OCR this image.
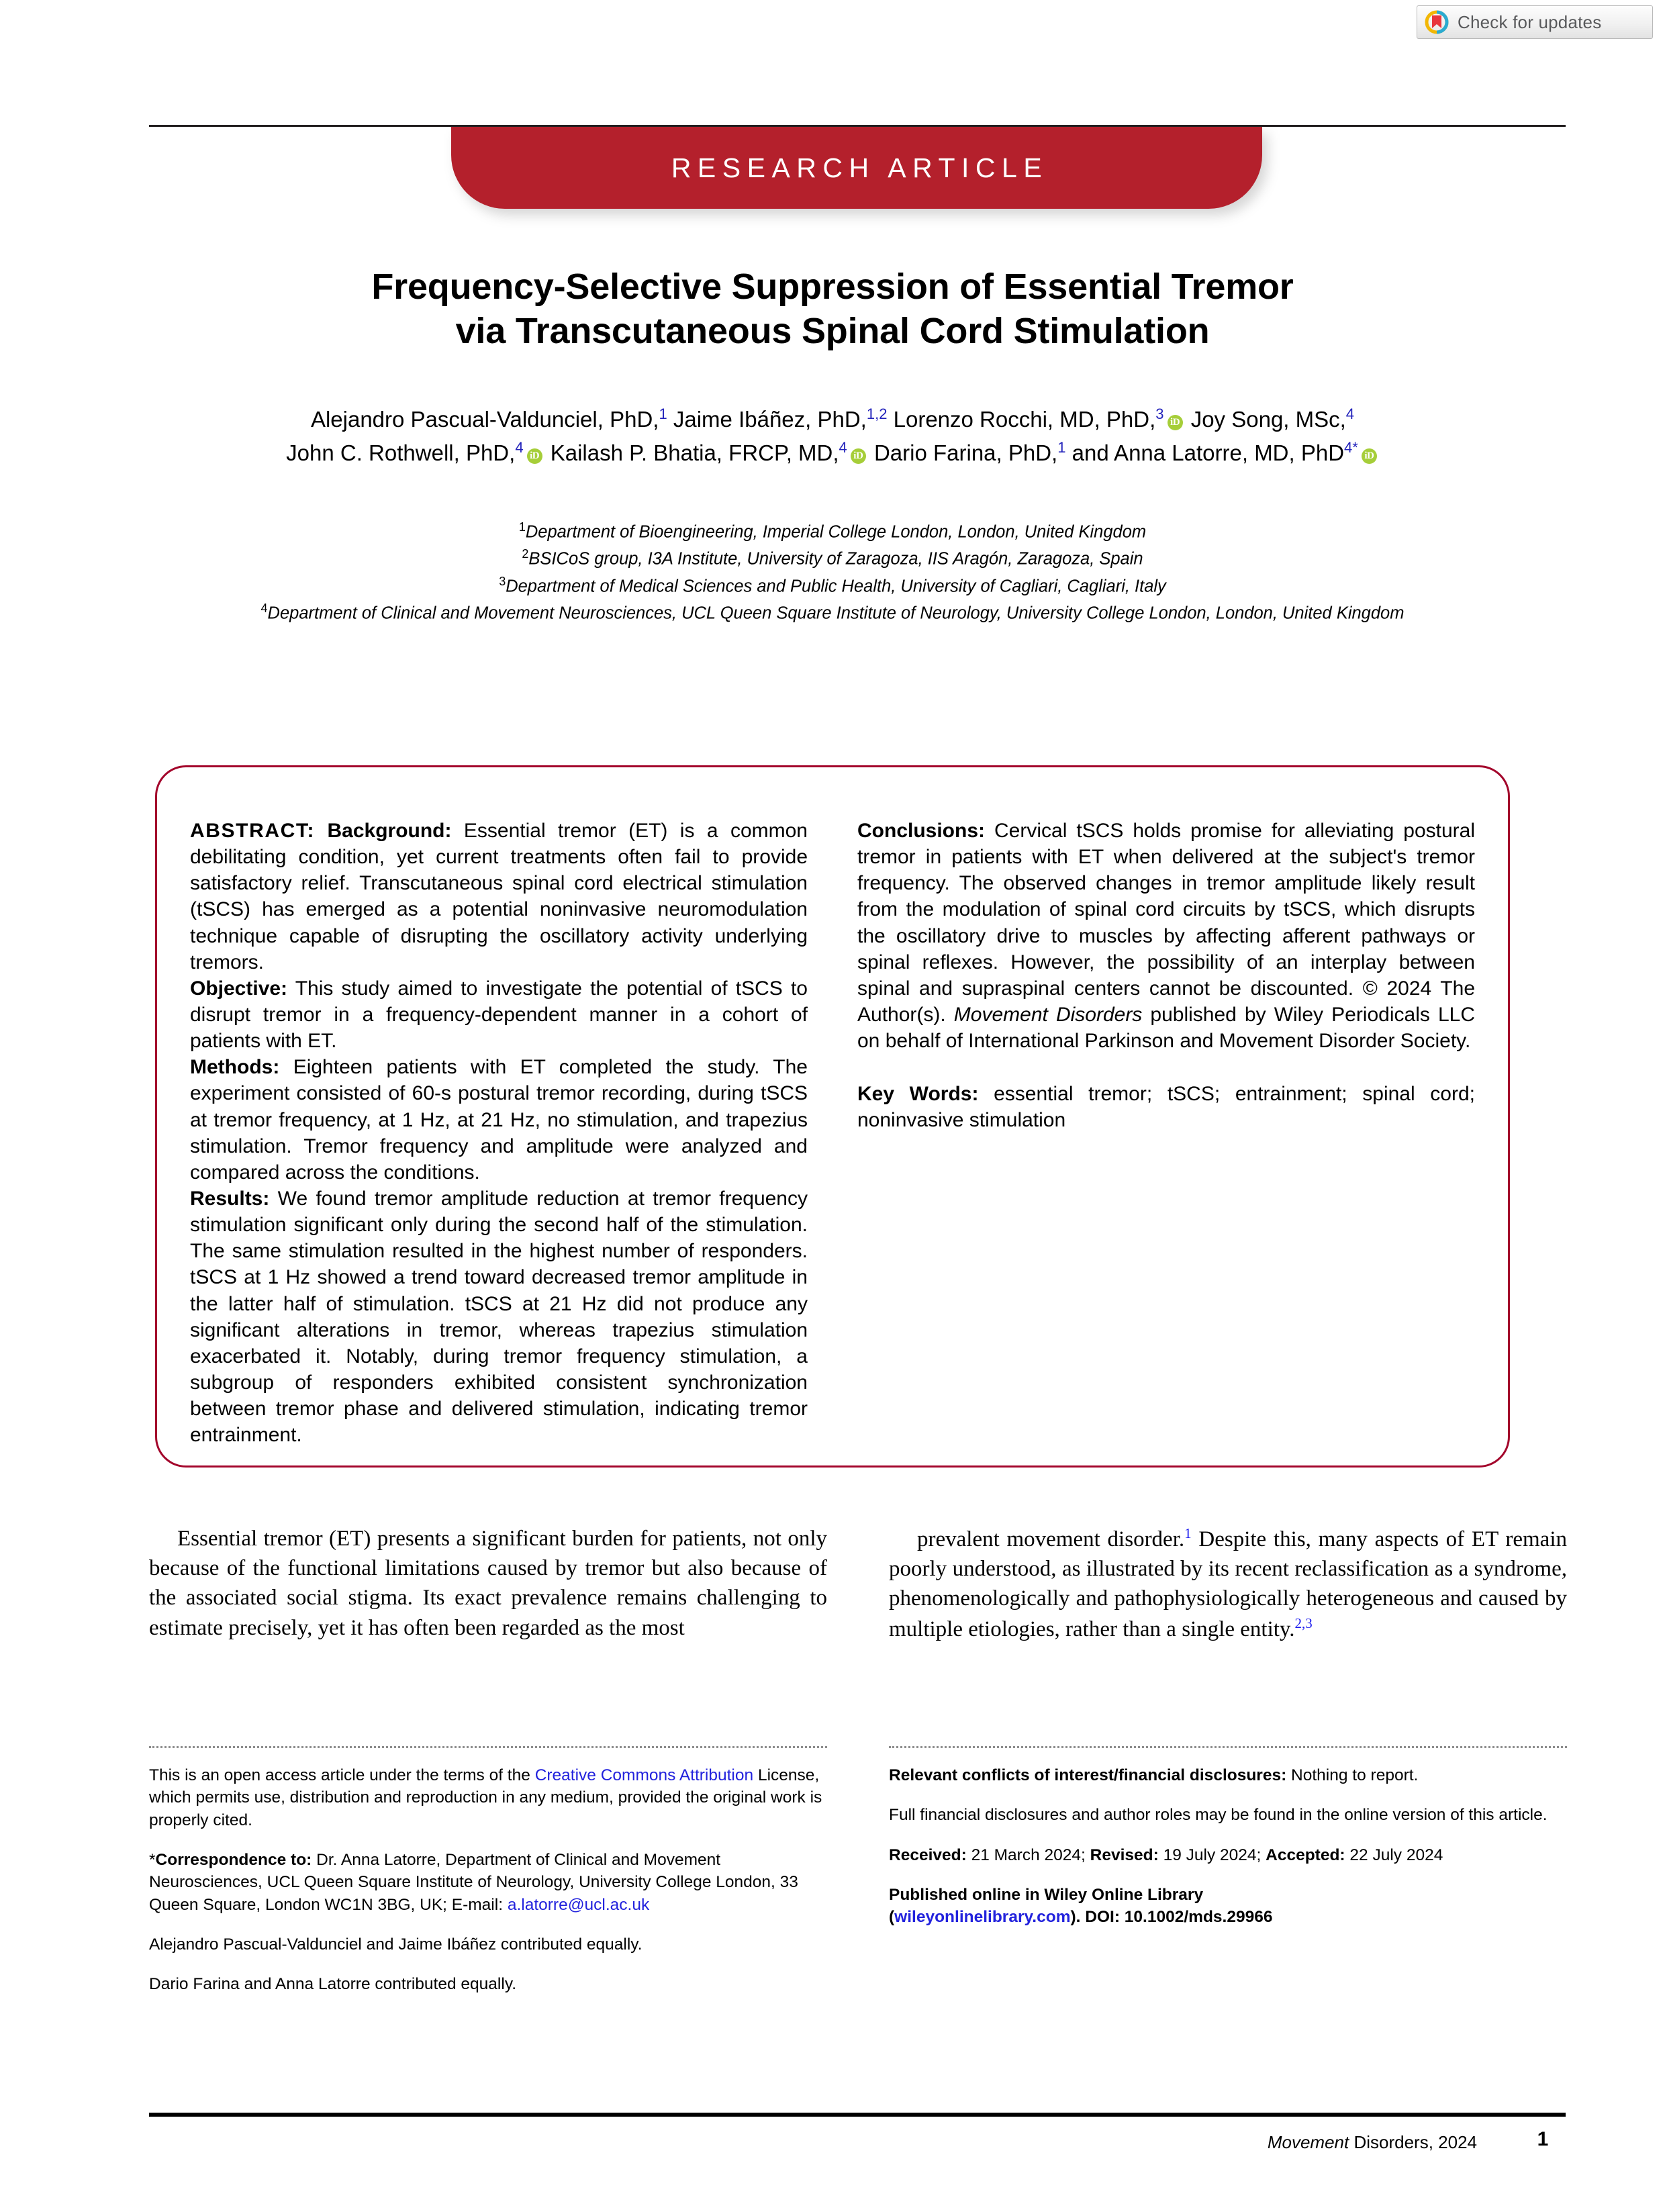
Check for updates
RESEARCH ARTICLE
Frequency-Selective Suppression of Essential Tremor
via Transcutaneous Spinal Cord Stimulation
Alejandro Pascual-Valdunciel, PhD,$^1$ Jaime Ibáñez, PhD,$^{1,2}$ Lorenzo Rocchi, MD, PhD,$^3$ iD Joy Song, MSc,$^4$
John C. Rothwell, PhD,$^4$ iD Kailash P. Bhatia, FRCP, MD,$^4$ iD Dario Farina, PhD,$^1$ and Anna Latorre, MD, PhD$^{4*}$ iD
$^1$Department of Bioengineering, Imperial College London, London, United Kingdom
$^2$BSICoS group, I3A Institute, University of Zaragoza, IIS Aragón, Zaragoza, Spain
$^3$Department of Medical Sciences and Public Health, University of Cagliari, Cagliari, Italy
$^4$Department of Clinical and Movement Neurosciences, UCL Queen Square Institute of Neurology, University College London, London, United Kingdom

ABSTRACT: Background: Essential tremor (ET) is a common debilitating condition, yet current treatments often fail to provide satisfactory relief. Transcutaneous spinal cord electrical stimulation (tSCS) has emerged as a potential noninvasive neuromodulation technique capable of disrupting the oscillatory activity underlying tremors.

Objective: This study aimed to investigate the potential of tSCS to disrupt tremor in a frequency-dependent manner in a cohort of patients with ET.

Methods: Eighteen patients with ET completed the study. The experiment consisted of 60-s postural tremor recording, during tSCS at tremor frequency, at 1 Hz, at 21 Hz, no stimulation, and trapezius stimulation. Tremor frequency and amplitude were analyzed and compared across the conditions.

Results: We found tremor amplitude reduction at tremor frequency stimulation significant only during the second half of the stimulation. The same stimulation resulted in the highest number of responders. tSCS at 1 Hz showed a trend toward decreased tremor amplitude in the latter half of stimulation. tSCS at 21 Hz did not produce any significant alterations in tremor, whereas trapezius stimulation exacerbated it. Notably, during tremor frequency stimulation, a subgroup of responders exhibited consistent synchronization between tremor phase and delivered stimulation, indicating tremor entrainment.

Conclusions: Cervical tSCS holds promise for alleviating postural tremor in patients with ET when delivered at the subject's tremor frequency. The observed changes in tremor amplitude likely result from the modulation of spinal cord circuits by tSCS, which disrupts the oscillatory drive to muscles by affecting afferent pathways or spinal reflexes. However, the possibility of an interplay between spinal and supraspinal centers cannot be discounted. © 2024 The Author(s). Movement Disorders published by Wiley Periodicals LLC on behalf of International Parkinson and Movement Disorder Society.

Key Words: essential tremor; tSCS; entrainment; spinal cord; noninvasive stimulation

Essential tremor (ET) presents a significant burden for patients, not only because of the functional limitations caused by tremor but also because of the associated social stigma. Its exact prevalence remains challenging to estimate precisely, yet it has often been regarded as the most

prevalent movement disorder.$^1$ Despite this, many aspects of ET remain poorly understood, as illustrated by its recent reclassification as a syndrome, phenomenologically and pathophysiologically heterogeneous and caused by multiple etiologies, rather than a single entity.$^{2,3}$

This is an open access article under the terms of the Creative Commons Attribution License, which permits use, distribution and reproduction in any medium, provided the original work is properly cited.

*Correspondence to: Dr. Anna Latorre, Department of Clinical and Movement Neurosciences, UCL Queen Square Institute of Neurology, University College London, 33 Queen Square, London WC1N 3BG, UK; E-mail: a.latorre@ucl.ac.uk

Alejandro Pascual-Valdunciel and Jaime Ibáñez contributed equally.

Dario Farina and Anna Latorre contributed equally.

Relevant conflicts of interest/financial disclosures: Nothing to report.

Full financial disclosures and author roles may be found in the online version of this article.

Received: 21 March 2024; Revised: 19 July 2024; Accepted: 22 July 2024

Published online in Wiley Online Library
(wileyonlinelibrary.com). DOI: 10.1002/mds.29966

Movement Disorders, 2024	1
